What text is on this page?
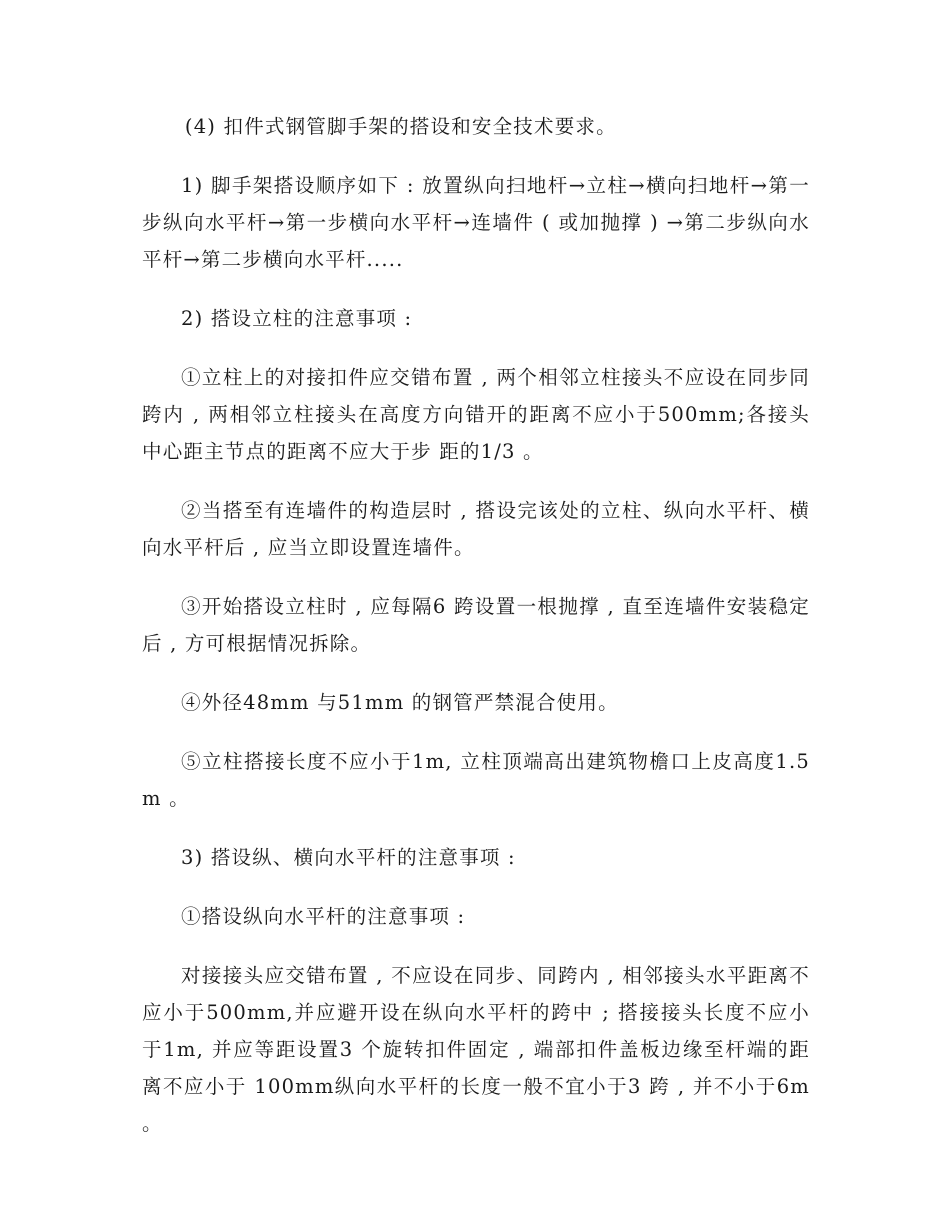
(4) 扣件式钢管脚手架的搭设和安全技术要求。

1) 脚手架搭设顺序如下 : 放置纵向扫地杆→立柱→横向扫地杆→第一步纵向水平杆→第一步横向水平杆→连墙件 ( 或加抛撑 ) →第二步纵向水平杆→第二步横向水平杆.....

2) 搭设立柱的注意事项 :

①立柱上的对接扣件应交错布置 , 两个相邻立柱接头不应设在同步同跨内 , 两相邻立柱接头在高度方向错开的距离不应小于500mm;各接头中心距主节点的距离不应大于步 距的1/3 。

②当搭至有连墙件的构造层时 , 搭设完该处的立柱、纵向水平杆、横向水平杆后 , 应当立即设置连墙件。

③开始搭设立柱时 , 应每隔6 跨设置一根抛撑 , 直至连墙件安装稳定后 , 方可根据情况拆除。

④外径48mm 与51mm 的钢管严禁混合使用。

⑤立柱搭接长度不应小于1m, 立柱顶端高出建筑物檐口上皮高度1.5m 。

3) 搭设纵、横向水平杆的注意事项 :

①搭设纵向水平杆的注意事项 :

对接接头应交错布置 , 不应设在同步、同跨内 , 相邻接头水平距离不应小于500mm,并应避开设在纵向水平杆的跨中 ; 搭接接头长度不应小于1m, 并应等距设置3 个旋转扣件固定 , 端部扣件盖板边缘至杆端的距离不应小于 100mm纵向水平杆的长度一般不宜小于3 跨 , 并不小于6m 。
